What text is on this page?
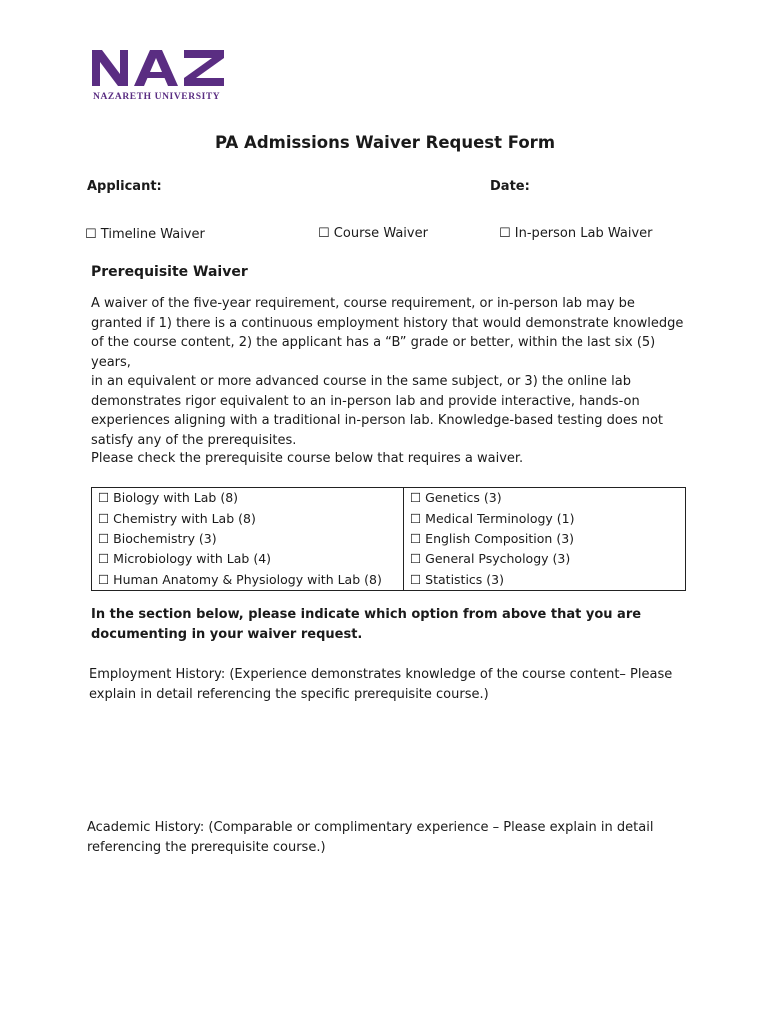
NAZARETH UNIVERSITY
PA Admissions Waiver Request Form
Applicant:	Date:
☐ Timeline Waiver	☐ Course Waiver	☐ In-person Lab Waiver
Prerequisite Waiver

A waiver of the five-year requirement, course requirement, or in-person lab may be

granted if 1) there is a continuous employment history that would demonstrate knowledge

of the course content, 2) the applicant has a “B” grade or better, within the last six (5) years,

in an equivalent or more advanced course in the same subject, or 3) the online lab

demonstrates rigor equivalent to an in-person lab and provide interactive, hands-on

experiences aligning with a traditional in-person lab. Knowledge-based testing does not

satisfy any of the prerequisites.

Please check the prerequisite course below that requires a waiver.
☐ Biology with Lab (8)	☐ Genetics (3)
☐ Chemistry with Lab (8)	☐ Medical Terminology (1)
☐ Biochemistry (3)	☐ English Composition (3)
☐ Microbiology with Lab (4)	☐ General Psychology (3)
☐ Human Anatomy & Physiology with Lab (8)	☐ Statistics (3)

In the section below, please indicate which option from above that you are

documenting in your waiver request.

Employment History: (Experience demonstrates knowledge of the course content– Please

explain in detail referencing the specific prerequisite course.)

Academic History: (Comparable or complimentary experience – Please explain in detail

referencing the prerequisite course.)
